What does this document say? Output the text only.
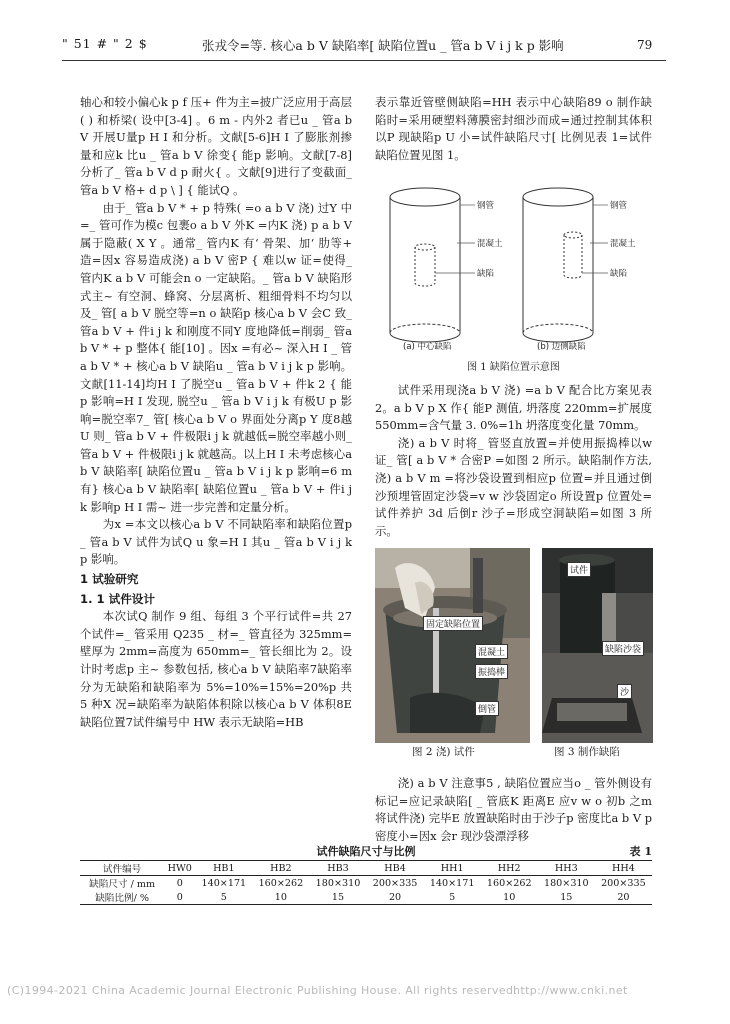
" 51 # " 2 $	张戎令=等. 核心a b V 缺陷率[ 缺陷位置u _ 管a b V i j k p 影响	79

轴心和较小偏心k p f 压+ 件为主=披广泛应用于高层( ) 和桥梁( 设中[3-4] 。6 m - 内外2 者已u _ 管a b V 开展U量p H I 和分析。文献[5-6]H I 了膨胀剂掺量和应k 比u _ 管a b V 徐变{ 能p 影响。文献[7-8]分析了_ 管a b V d p 耐火{ 。文献[9]进行了变截面_ 管a b V 格+ d p \ ] { 能试Q 。

由于_ 管a b V * + p 特殊( =o a b V 浇) 过Y 中=_ 管可作为模c 包裹o a b V 外K =内K 浇) p a b V 属于隐蔽( X Y 。通常_ 管内K 有‘ 骨架、加‘ 肋等+ 造=因x 容易造成浇) a b V 密P { 难以w 证=使得_ 管内K a b V 可能会n o 一定缺陷。_ 管a b V 缺陷形式主~ 有空洞、蜂窝、分层离析、粗细骨料不均匀以及_ 管[ a b V 脱空等=n o 缺陷p 核心a b V 会C 致_ 管a b V + 件i j k 和刚度不同Y 度地降低=削弱_ 管a b V * + p 整体{ 能[10] 。因x =有必~ 深入H I _ 管a b V * + 核心a b V 缺陷u _ 管a b V i j k p 影响。文献[11-14]均H I 了脱空u _ 管a b V + 件k 2 { 能p 影响=H I 发现, 脱空u _ 管a b V i j k 有极U p 影响=脱空率7_ 管[ 核心a b V o 界面处分离p Y 度8越U 则_ 管a b V + 件极限i j k 就越低=脱空率越小则_ 管a b V + 件极限i j k 就越高。以上H I 未考虑核心a b V 缺陷率[ 缺陷位置u _ 管a b V i j k p 影响=6 m 有} 核心a b V 缺陷率[ 缺陷位置u _ 管a b V + 件i j k 影响p H I 需~ 进一步完善和定量分析。

为x =本文以核心a b V 不同缺陷率和缺陷位置p _ 管a b V 试件为试Q u 象=H I 其u _ 管a b V i j k p 影响。

1 试验研究
1. 1 试件设计

本次试Q 制作 9 组、每组 3 个平行试件=共 27 个试件=_ 管采用 Q235 _ 材=_ 管直径为 325mm=壁厚为 2mm=高度为 650mm=_ 管长细比为 2。设计时考虑p 主~ 参数包括, 核心a b V 缺陷率7缺陷率分为无缺陷和缺陷率为 5%=10%=15%=20%p 共 5 种X 况=缺陷率为缺陷体积除以核心a b V 体积8E 缺陷位置7试件编号中 HW 表示无缺陷=HB

表示靠近管壁侧缺陷=HH 表示中心缺陷89 o 制作缺陷时=采用硬塑料薄膜密封细沙而成=通过控制其体积以P 现缺陷p U 小=试件缺陷尺寸[ 比例见表 1=试件缺陷位置见图 1。

钢管
混凝土
缺陷
钢管
混凝土
缺陷
(a) 中心缺陷	(b) 边侧缺陷
图 1 缺陷位置示意图

试件采用现浇a b V 浇) =a b V 配合比方案见表 2。a b V p X 作{ 能P 测值, 坍落度 220mm=扩展度 550mm=含气量 3. 0%=1h 坍落度变化量 70mm。

浇) a b V 时将_ 管竖直放置=并使用振捣棒以w 证_ 管[ a b V * 合密P =如图 2 所示。缺陷制作方法, 浇) a b V m =将沙袋设置到相应p 位置=并且通过倒沙预埋管固定沙袋=v w 沙袋固定o 所设置p 位置处=试件养护 3d 后倒r 沙子=形成空洞缺陷=如图 3 所示。

固定缺陷位置
混凝土
振捣棒
倒管
试件
缺陷沙袋
沙
图 2 浇) 试件	图 3 制作缺陷

浇) a b V 注意事5 , 缺陷位置应当o _ 管外侧设有标记=应记录缺陷[ _ 管底K 距离E 应v w o 初b 之m 将试件浇) 完毕E 放置缺陷时由于沙子p 密度比a b V p 密度小=因x 会r 现沙袋漂浮移

试件缺陷尺寸与比例	表 1
试件编号	HW0	HB1	HB2	HB3	HB4	HH1	HH2	HH3	HH4
缺陷尺寸 / mm	0	140×171	160×262	180×310	200×335	140×171	160×262	180×310	200×335
缺陷比例/ %	0	5	10	15	20	5	10	15	20
(C)1994-2021 China Academic Journal Electronic Publishing House. All rights reserved.
http://www.cnki.net
